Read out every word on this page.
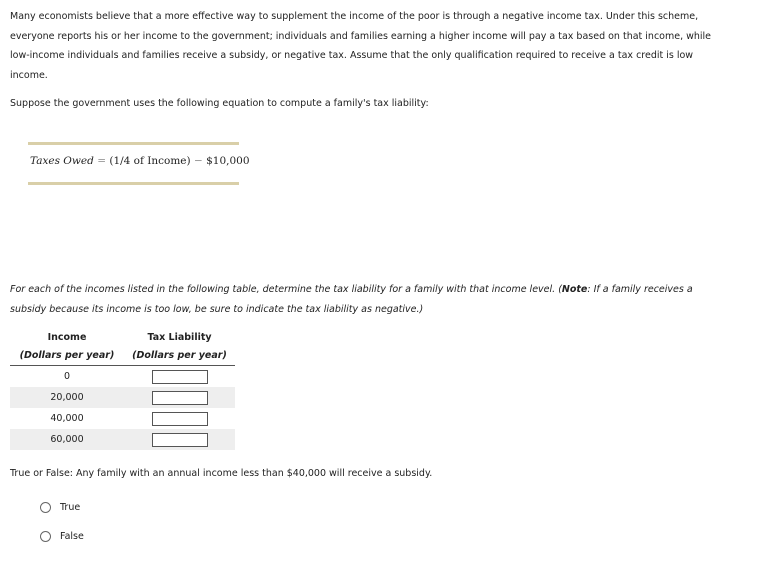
Many economists believe that a more effective way to supplement the income of the poor is through a negative income tax. Under this scheme,
everyone reports his or her income to the government; individuals and families earning a higher income will pay a tax based on that income, while
low-income individuals and families receive a subsidy, or negative tax. Assume that the only qualification required to receive a tax credit is low
income.
Suppose the government uses the following equation to compute a family's tax liability:
Taxes Owed = (1/4 of Income) − $10,000
For each of the incomes listed in the following table, determine the tax liability for a family with that income level. (Note: If a family receives a
subsidy because its income is too low, be sure to indicate the tax liability as negative.)
Income	Tax Liability
(Dollars per year)	(Dollars per year)
0	
20,000	
40,000	
60,000	

True or False: Any family with an annual income less than $40,000 will receive a subsidy.

True
False
